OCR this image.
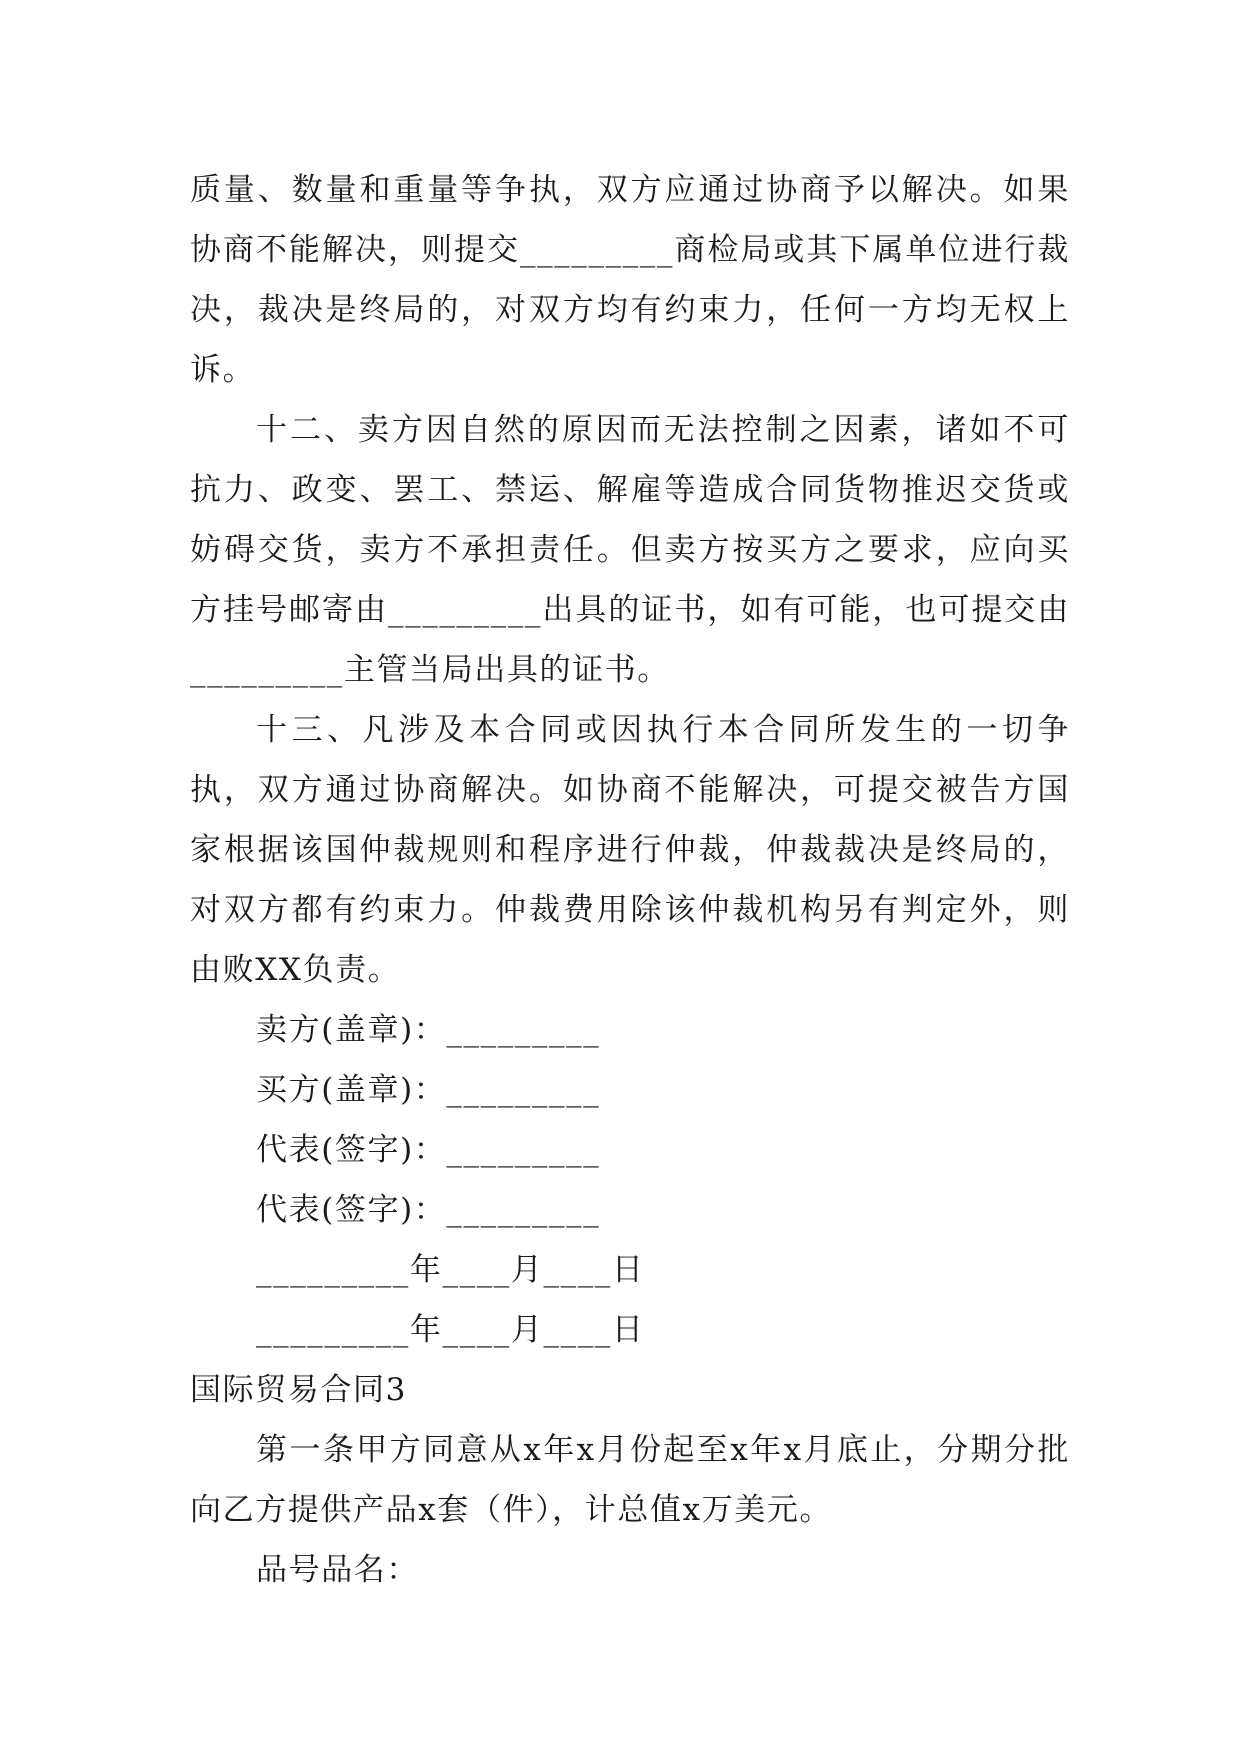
质量、数量和重量等争执，双方应通过协商予以解决。如果协商不能解决，则提交_________商检局或其下属单位进行裁决，裁决是终局的，对双方均有约束力，任何一方均无权上诉。

十二、卖方因自然的原因而无法控制之因素，诸如不可抗力、政变、罢工、禁运、解雇等造成合同货物推迟交货或妨碍交货，卖方不承担责任。但卖方按买方之要求，应向买方挂号邮寄由_________出具的证书，如有可能，也可提交由_________主管当局出具的证书。

十三、凡涉及本合同或因执行本合同所发生的一切争执，双方通过协商解决。如协商不能解决，可提交被告方国家根据该国仲裁规则和程序进行仲裁，仲裁裁决是终局的，对双方都有约束力。仲裁费用除该仲裁机构另有判定外，则由败XX负责。

卖方(盖章)：_________

买方(盖章)：_________

代表(签字)：_________

代表(签字)：_________

_________年____月____日

_________年____月____日

国际贸易合同3

第一条甲方同意从x年x月份起至x年x月底止，分期分批向乙方提供产品x套（件），计总值x万美元。

品号品名：
